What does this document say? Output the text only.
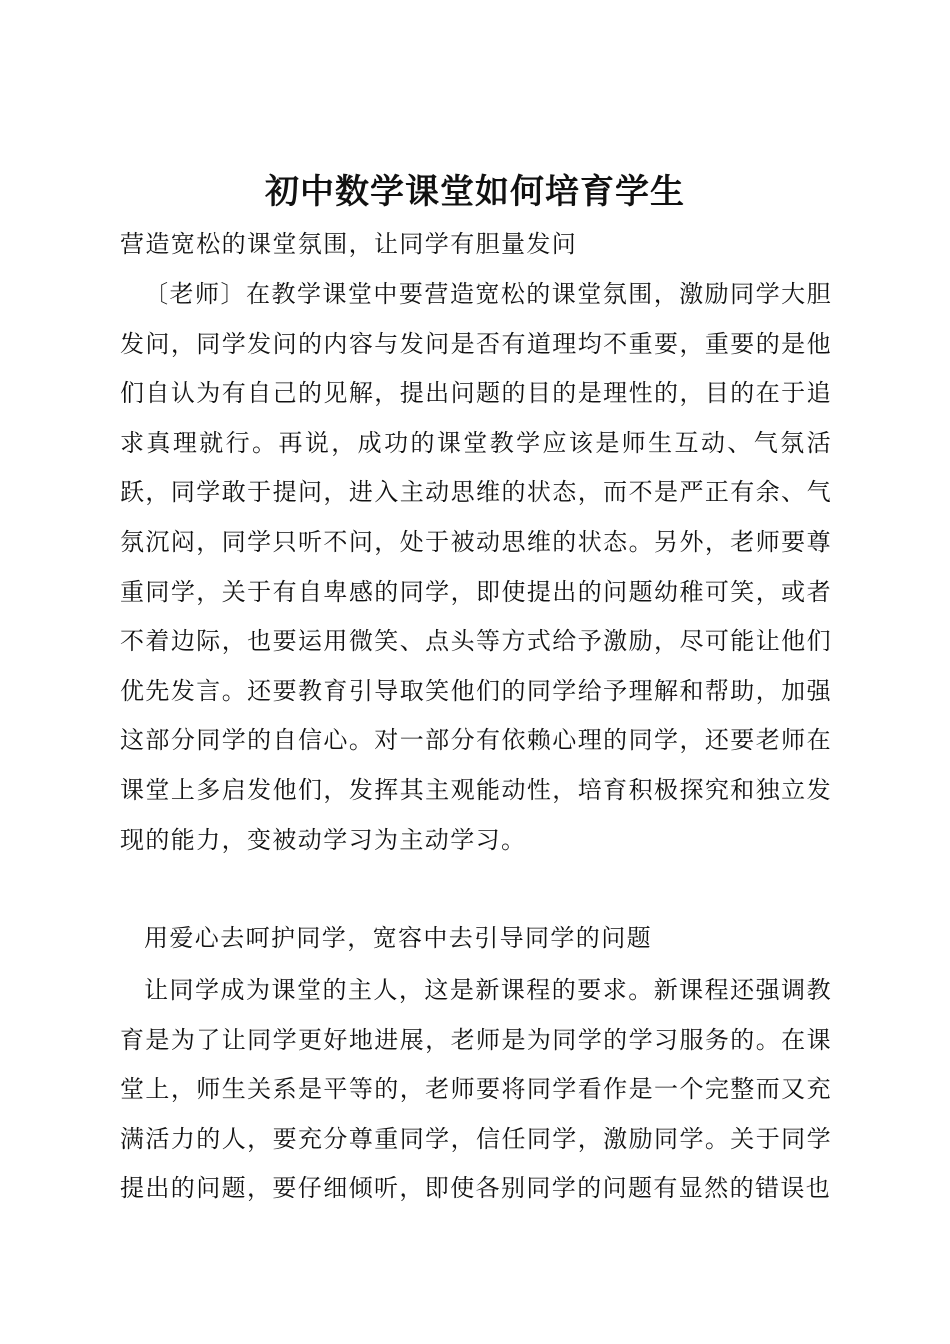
初中数学课堂如何培育学生
营造宽松的课堂氛围，让同学有胆量发问

〔老师〕在教学课堂中要营造宽松的课堂氛围，激励同学大胆发问，同学发问的内容与发问是否有道理均不重要，重要的是他们自认为有自己的见解，提出问题的目的是理性的，目的在于追求真理就行。再说，成功的课堂教学应该是师生互动、气氛活跃，同学敢于提问，进入主动思维的状态，而不是严正有余、气氛沉闷，同学只听不问，处于被动思维的状态。另外，老师要尊重同学，关于有自卑感的同学，即使提出的问题幼稚可笑，或者不着边际，也要运用微笑、点头等方式给予激励，尽可能让他们优先发言。还要教育引导取笑他们的同学给予理解和帮助，加强这部分同学的自信心。对一部分有依赖心理的同学，还要老师在课堂上多启发他们，发挥其主观能动性，培育积极探究和独立发现的能力，变被动学习为主动学习。

用爱心去呵护同学，宽容中去引导同学的问题

让同学成为课堂的主人，这是新课程的要求。新课程还强调教育是为了让同学更好地进展，老师是为同学的学习服务的。在课堂上，师生关系是平等的，老师要将同学看作是一个完整而又充满活力的人，要充分尊重同学，信任同学，激励同学。关于同学提出的问题，要仔细倾听，即使各别同学的问题有显然的错误也
